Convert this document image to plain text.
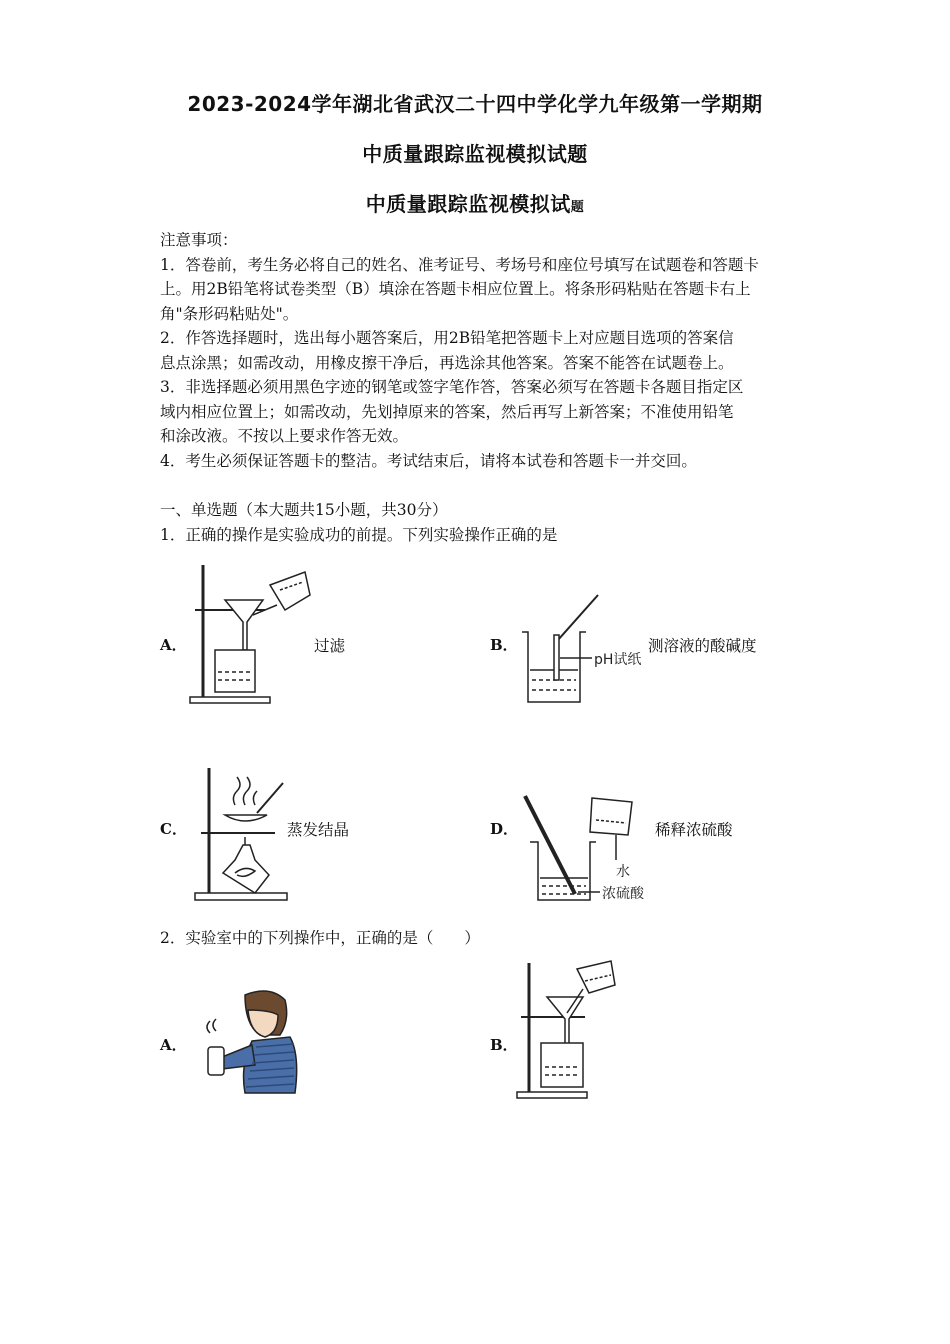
2023-2024学年湖北省武汉二十四中学化学九年级第一学期期
中质量跟踪监视模拟试题
中质量跟踪监视模拟试题
注意事项：
1．答卷前，考生务必将自己的姓名、准考证号、考场号和座位号填写在试题卷和答题卡
上。用2B铅笔将试卷类型（B）填涂在答题卡相应位置上。将条形码粘贴在答题卡右上
角"条形码粘贴处"。
2．作答选择题时，选出每小题答案后，用2B铅笔把答题卡上对应题目选项的答案信
息点涂黑；如需改动，用橡皮擦干净后，再选涂其他答案。答案不能答在试题卷上。
3．非选择题必须用黑色字迹的钢笔或签字笔作答，答案必须写在答题卡各题目指定区
域内相应位置上；如需改动，先划掉原来的答案，然后再写上新答案；不准使用铅笔
和涂改液。不按以上要求作答无效。
4．考生必须保证答题卡的整洁。考试结束后，请将本试卷和答题卡一并交回。
一、单选题（本大题共15小题，共30分）
1．正确的操作是实验成功的前提。下列实验操作正确的是
A．	过滤	B．
pH试纸
测溶液的酸碱度
C．	蒸发结晶	D．
水
浓硫酸
稀释浓硫酸
2．实验室中的下列操作中，正确的是（　　）
A．	B．
